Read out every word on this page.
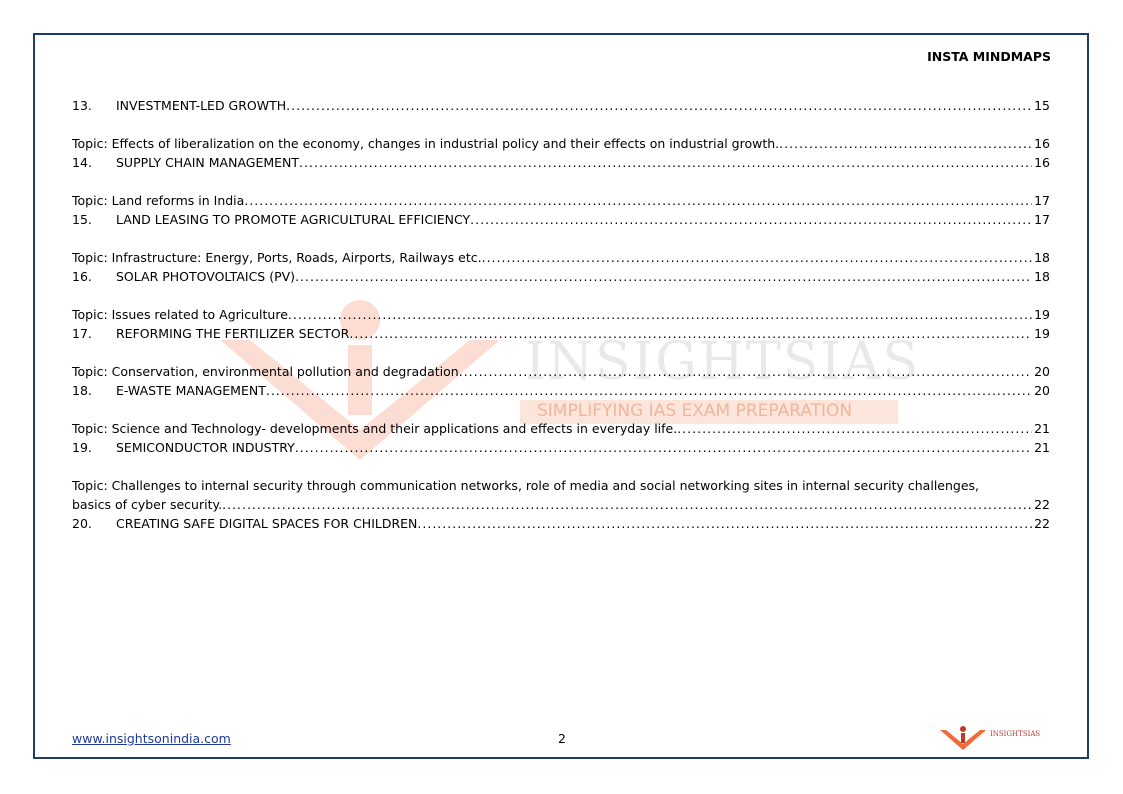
INSIGHTSIAS
SIMPLIFYING IAS EXAM PREPARATION
INSTA MINDMAPS
13.	INVESTMENT-LED GROWTH .....	15
Topic: Effects of liberalization on the economy, changes in industrial policy and their effects on industrial growth. .....	16
14.	SUPPLY CHAIN MANAGEMENT .....	16
Topic: Land reforms in India .....	17
15.	LAND LEASING TO PROMOTE AGRICULTURAL EFFICIENCY .....	17
Topic: Infrastructure: Energy, Ports, Roads, Airports, Railways etc. .....	18
16.	SOLAR PHOTOVOLTAICS (PV) .....	18
Topic: Issues related to Agriculture .....	19
17.	REFORMING THE FERTILIZER SECTOR .....	19
Topic: Conservation, environmental pollution and degradation .....	20
18.	E-WASTE MANAGEMENT .....	20
Topic: Science and Technology- developments and their applications and effects in everyday life. .....	21
19.	SEMICONDUCTOR INDUSTRY .....	21
Topic: Challenges to internal security through communication networks, role of media and social networking sites in internal security challenges,
basics of cyber security. .....	22
20.	CREATING SAFE DIGITAL SPACES FOR CHILDREN .....	22
www.insightsonindia.com	2	INSIGHTSIAS
